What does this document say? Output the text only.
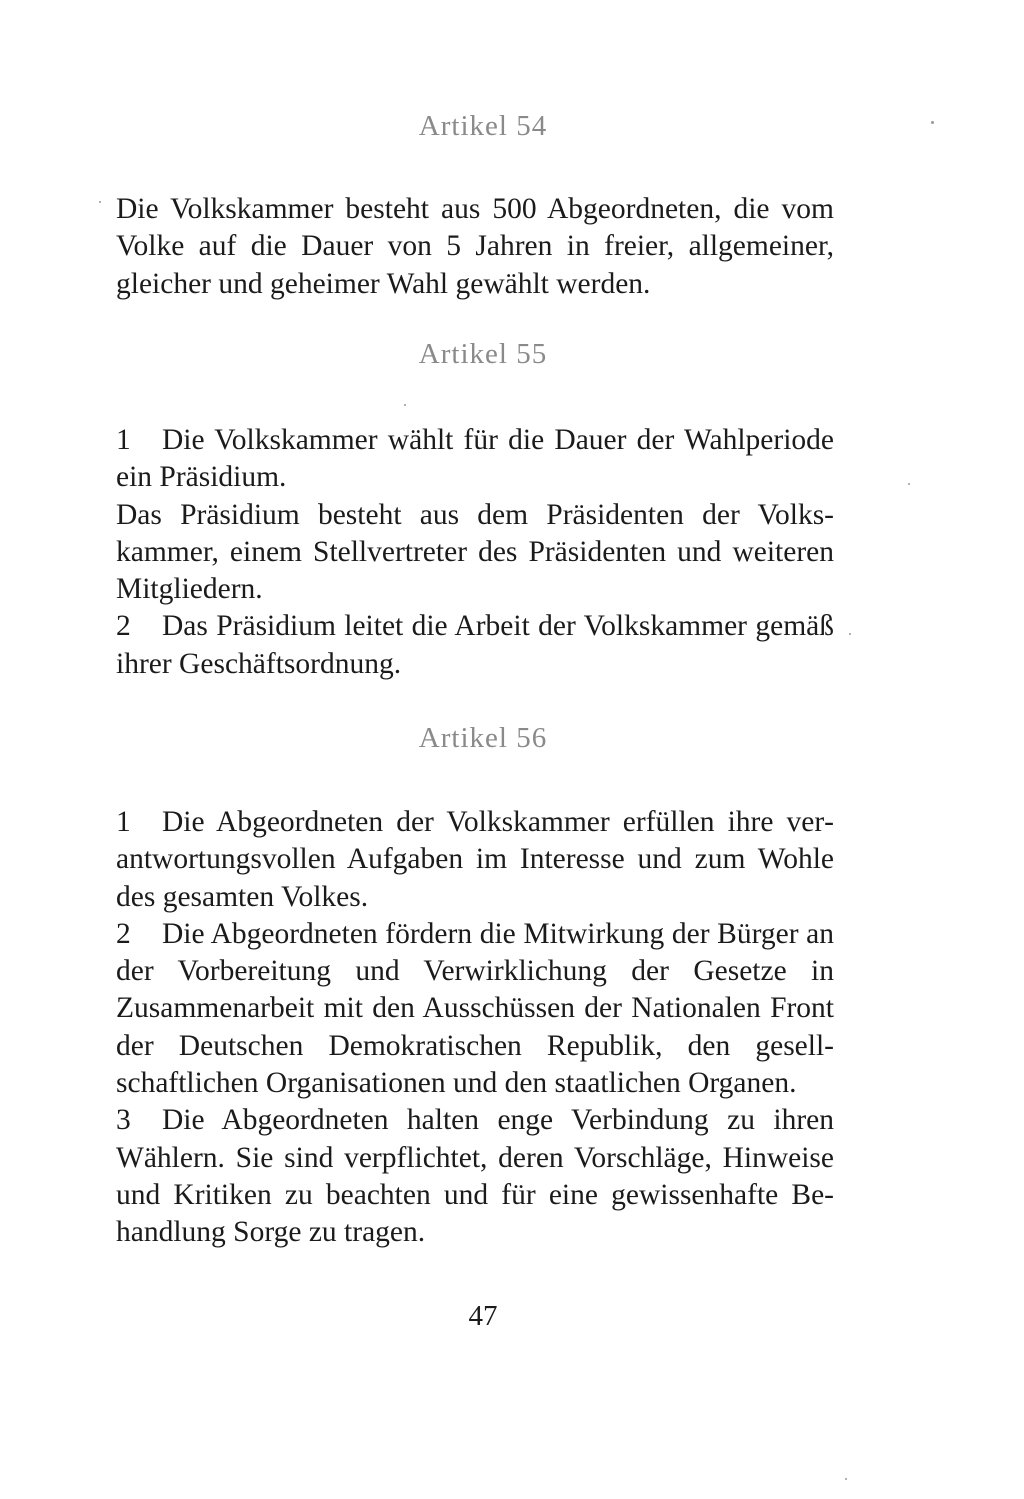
Artikel 54

Die Volkskammer besteht aus 500 Abgeordneten, die vom Volke auf die Dauer von 5 Jahren in freier, allgemeiner, gleicher und geheimer Wahl gewählt werden.

Artikel 55

1 Die Volkskammer wählt für die Dauer der Wahlperiode ein Präsidium.

Das Präsidium besteht aus dem Präsidenten der Volkskammer, einem Stellvertreter des Präsidenten und weiteren Mitgliedern.

2 Das Präsidium leitet die Arbeit der Volkskammer gemäß ihrer Geschäftsordnung.

Artikel 56

1 Die Abgeordneten der Volkskammer erfüllen ihre verantwortungsvollen Aufgaben im Interesse und zum Wohle des gesamten Volkes.

2 Die Abgeordneten fördern die Mitwirkung der Bürger an der Vorbereitung und Verwirklichung der Gesetze in Zusammenarbeit mit den Ausschüssen der Nationalen Front der Deutschen Demokratischen Republik, den gesellschaftlichen Organisationen und den staatlichen Organen.

3 Die Abgeordneten halten enge Verbindung zu ihren Wählern. Sie sind verpflichtet, deren Vorschläge, Hinweise und Kritiken zu beachten und für eine gewissenhafte Behandlung Sorge zu tragen.

47
